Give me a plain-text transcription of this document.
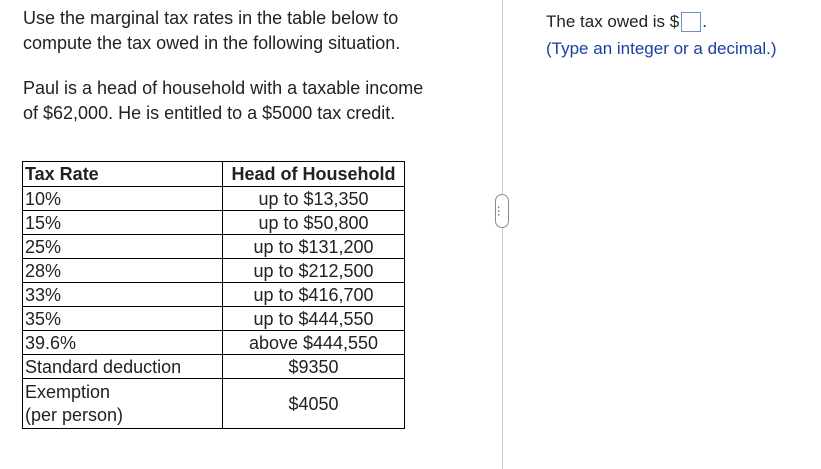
Use the marginal tax rates in the table below to
compute the tax owed in the following situation.

Paul is a head of household with a taxable income
of $62,000. He is entitled to a $5000 tax credit.

Tax Rate	Head of Household
10%	up to $13,350
15%	up to $50,800
25%	up to $131,200
28%	up to $212,500
33%	up to $416,700
35%	up to $444,550
39.6%	above $444,550
Standard deduction	$9350
Exemption
(per person)	$4050
…
The tax owed is $ .
(Type an integer or a decimal.)
